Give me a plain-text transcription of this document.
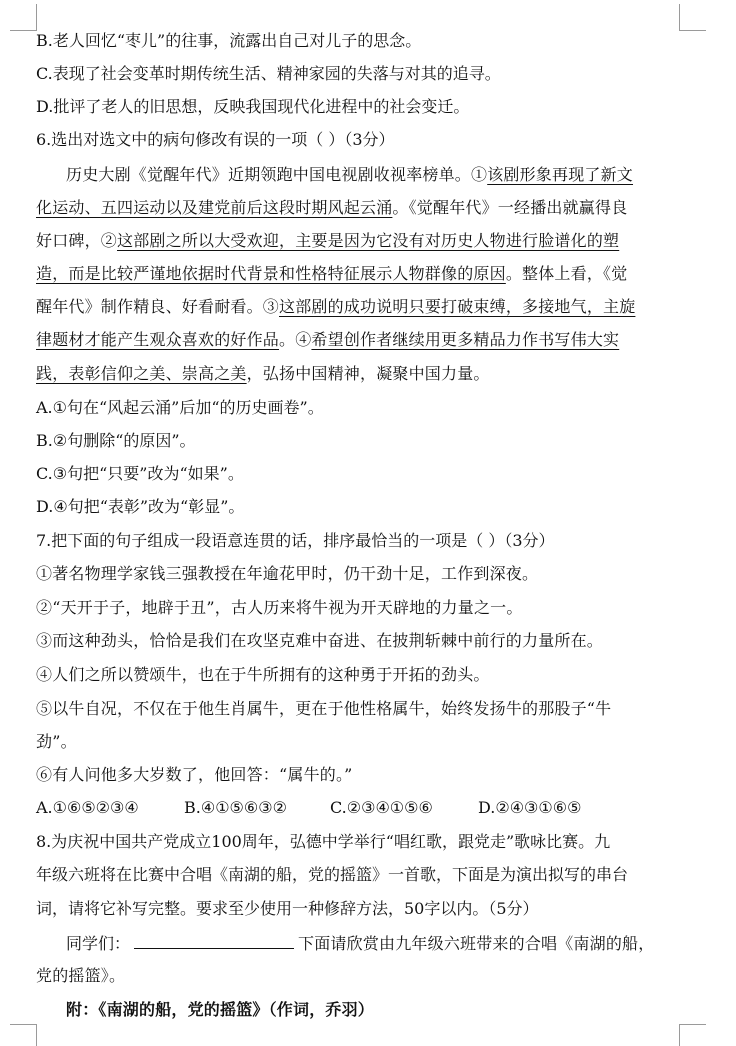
B.老人回忆“枣儿”的往事，流露出自己对儿子的思念。
C.表现了社会变革时期传统生活、精神家园的失落与对其的追寻。
D.批评了老人的旧思想，反映我国现代化进程中的社会变迁。
6.选出对选文中的病句修改有误的一项（ ）（3分）
历史大剧《觉醒年代》近期领跑中国电视剧收视率榜单。①该剧形象再现了新文
化运动、五四运动以及建党前后这段时期风起云涌。《觉醒年代》一经播出就赢得良
好口碑，②这部剧之所以大受欢迎，主要是因为它没有对历史人物进行脸谱化的塑
造，而是比较严谨地依据时代背景和性格特征展示人物群像的原因。整体上看，《觉
醒年代》制作精良、好看耐看。③这部剧的成功说明只要打破束缚，多接地气，主旋
律题材才能产生观众喜欢的好作品。④希望创作者继续用更多精品力作书写伟大实
践，表彰信仰之美、崇高之美，弘扬中国精神，凝聚中国力量。
A.①句在“风起云涌”后加“的历史画卷”。
B.②句删除“的原因”。
C.③句把“只要”改为“如果”。
D.④句把“表彰”改为“彰显”。
7.把下面的句子组成一段语意连贯的话，排序最恰当的一项是（ ）（3分）
①著名物理学家钱三强教授在年逾花甲时，仍干劲十足，工作到深夜。
②“天开于子，地辟于丑”，古人历来将牛视为开天辟地的力量之一。
③而这种劲头，恰恰是我们在攻坚克难中奋进、在披荆斩棘中前行的力量所在。
④人们之所以赞颂牛，也在于牛所拥有的这种勇于开拓的劲头。
⑤以牛自况，不仅在于他生肖属牛，更在于他性格属牛，始终发扬牛的那股子“牛
劲”。
⑥有人问他多大岁数了，他回答：“属牛的。”
A.①⑥⑤②③④	B.④①⑤⑥③②	C.②③④①⑤⑥	D.②④③①⑥⑤
8.为庆祝中国共产党成立100周年，弘德中学举行“唱红歌，跟党走”歌咏比赛。九
年级六班将在比赛中合唱《南湖的船，党的摇篮》一首歌，下面是为演出拟写的串台
词，请将它补写完整。要求至少使用一种修辞方法，50字以内。（5分）
同学们：	下面请欣赏由九年级六班带来的合唱《南湖的船，
党的摇篮》。
附：《南湖的船，党的摇篮》（作词，乔羽）
